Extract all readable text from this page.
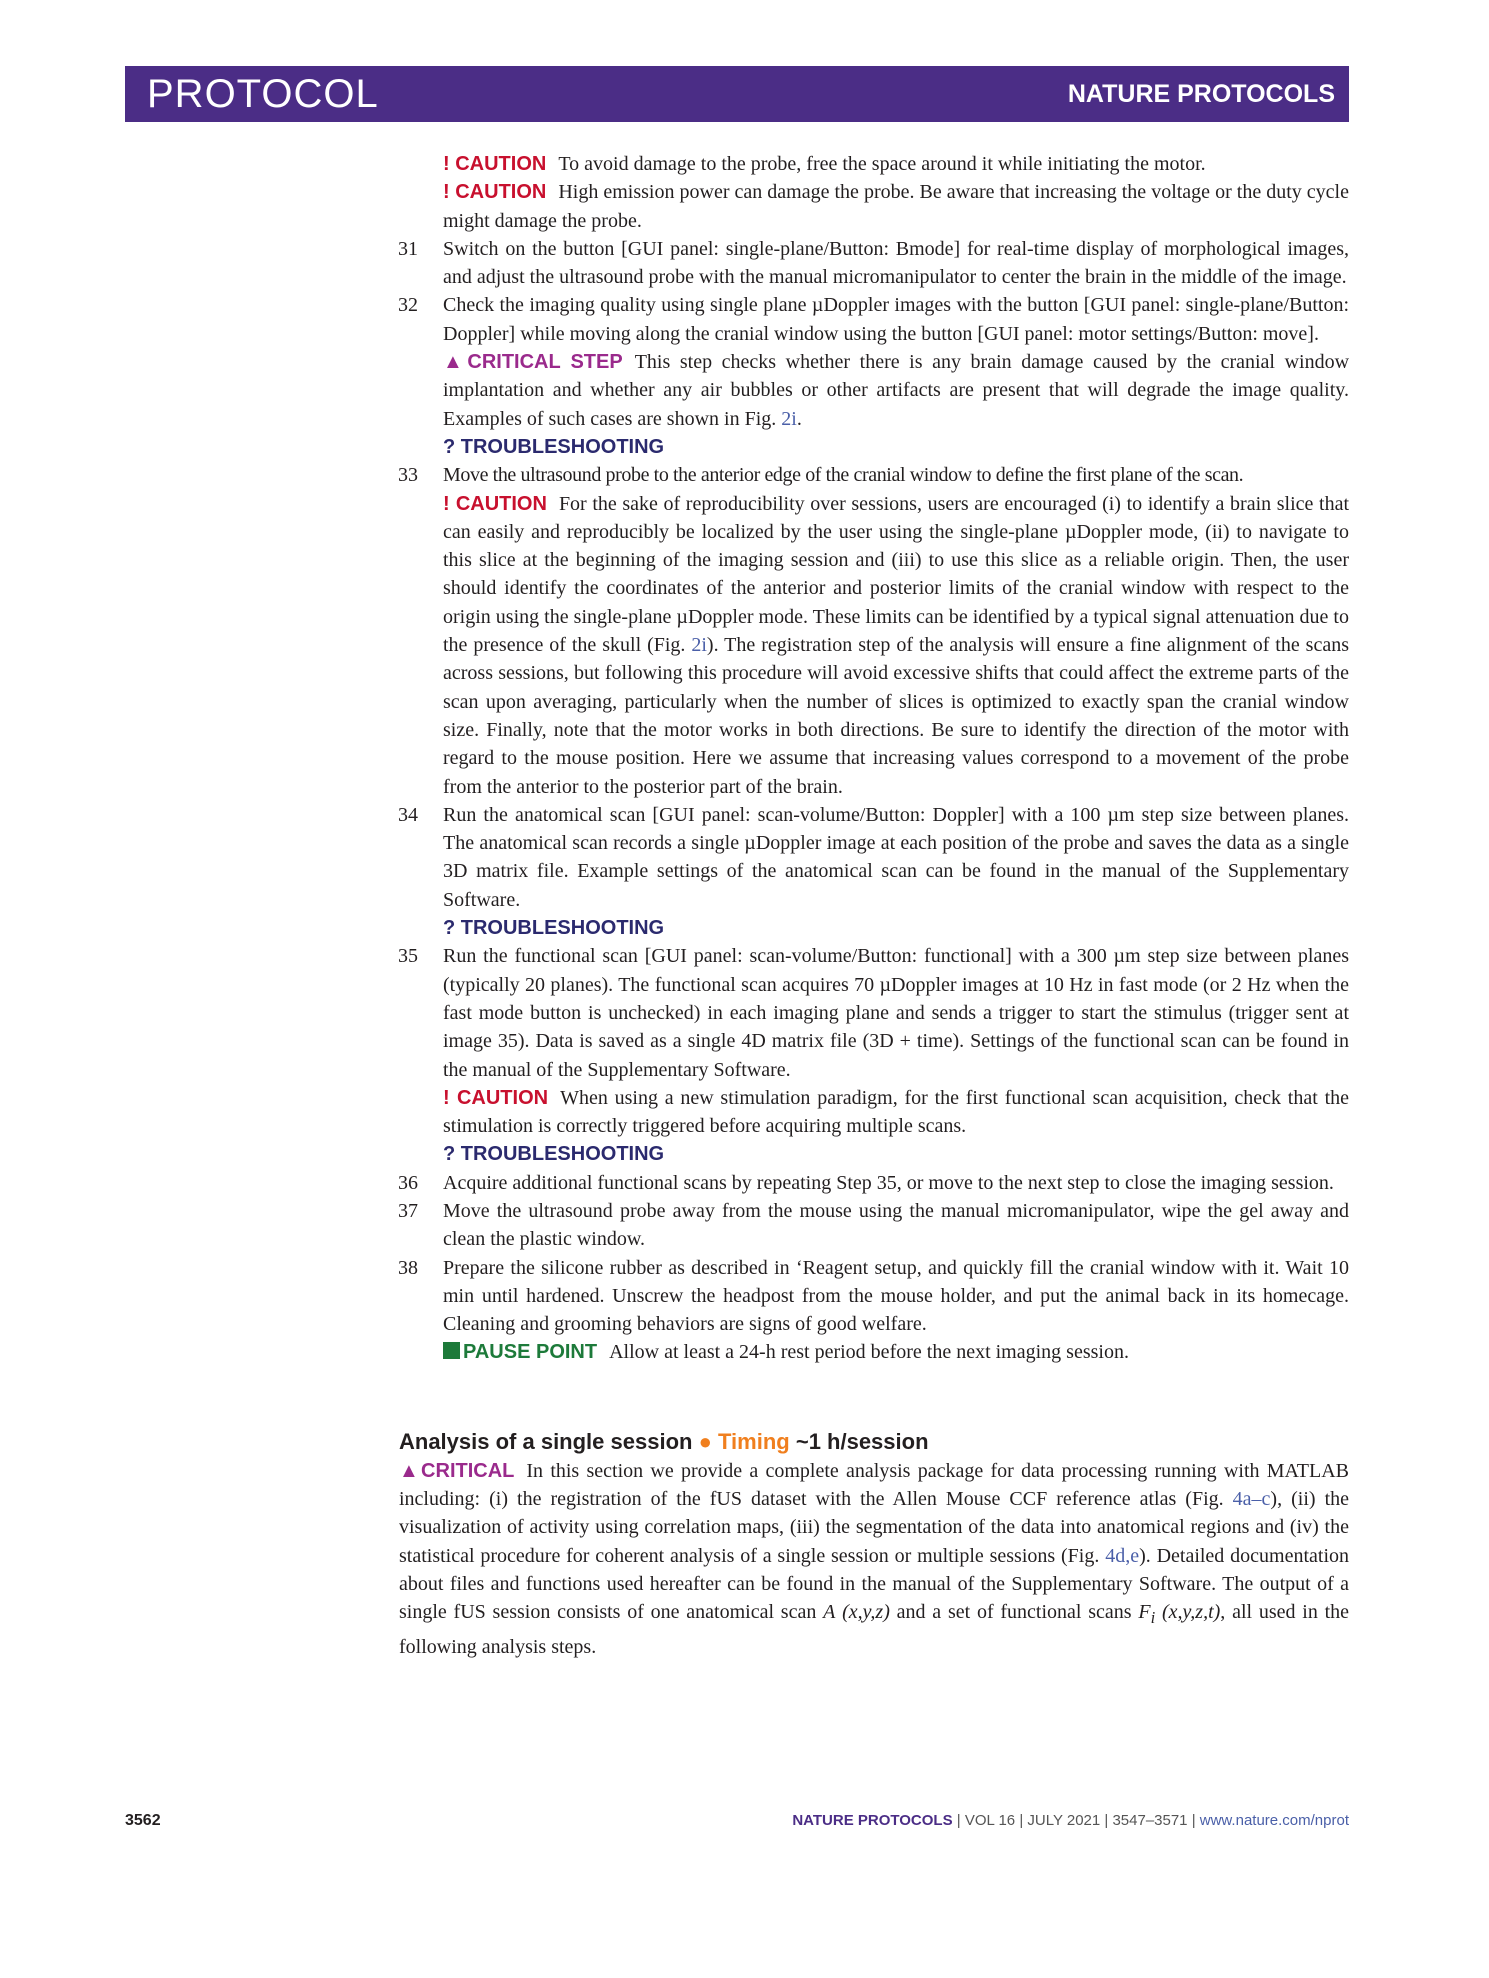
PROTOCOL	NATURE PROTOCOLS
! CAUTION To avoid damage to the probe, free the space around it while initiating the motor.
! CAUTION High emission power can damage the probe. Be aware that increasing the voltage or the duty cycle might damage the probe.
31	Switch on the button [GUI panel: single-plane/Button: Bmode] for real-time display of morphological images, and adjust the ultrasound probe with the manual micromanipulator to center the brain in the middle of the image.
32	Check the imaging quality using single plane µDoppler images with the button [GUI panel: single-plane/Button: Doppler] while moving along the cranial window using the button [GUI panel: motor settings/Button: move].
▲CRITICAL STEP This step checks whether there is any brain damage caused by the cranial window implantation and whether any air bubbles or other artifacts are present that will degrade the image quality. Examples of such cases are shown in Fig. 2i.
? TROUBLESHOOTING
33	Move the ultrasound probe to the anterior edge of the cranial window to define the first plane of the scan.
! CAUTION For the sake of reproducibility over sessions, users are encouraged (i) to identify a brain slice that can easily and reproducibly be localized by the user using the single-plane µDoppler mode, (ii) to navigate to this slice at the beginning of the imaging session and (iii) to use this slice as a reliable origin. Then, the user should identify the coordinates of the anterior and posterior limits of the cranial window with respect to the origin using the single-plane µDoppler mode. These limits can be identified by a typical signal attenuation due to the presence of the skull (Fig. 2i). The registration step of the analysis will ensure a fine alignment of the scans across sessions, but following this procedure will avoid excessive shifts that could affect the extreme parts of the scan upon averaging, particularly when the number of slices is optimized to exactly span the cranial window size. Finally, note that the motor works in both directions. Be sure to identify the direction of the motor with regard to the mouse position. Here we assume that increasing values correspond to a movement of the probe from the anterior to the posterior part of the brain.
34	Run the anatomical scan [GUI panel: scan-volume/Button: Doppler] with a 100 µm step size between planes. The anatomical scan records a single µDoppler image at each position of the probe and saves the data as a single 3D matrix file. Example settings of the anatomical scan can be found in the manual of the Supplementary Software.
? TROUBLESHOOTING
35	Run the functional scan [GUI panel: scan-volume/Button: functional] with a 300 µm step size between planes (typically 20 planes). The functional scan acquires 70 µDoppler images at 10 Hz in fast mode (or 2 Hz when the fast mode button is unchecked) in each imaging plane and sends a trigger to start the stimulus (trigger sent at image 35). Data is saved as a single 4D matrix file (3D + time). Settings of the functional scan can be found in the manual of the Supplementary Software.
! CAUTION When using a new stimulation paradigm, for the first functional scan acquisition, check that the stimulation is correctly triggered before acquiring multiple scans.
? TROUBLESHOOTING
36	Acquire additional functional scans by repeating Step 35, or move to the next step to close the imaging session.
37	Move the ultrasound probe away from the mouse using the manual micromanipulator, wipe the gel away and clean the plastic window.
38	Prepare the silicone rubber as described in ‘Reagent setup, and quickly fill the cranial window with it. Wait 10 min until hardened. Unscrew the headpost from the mouse holder, and put the animal back in its homecage. Cleaning and grooming behaviors are signs of good welfare.
PAUSE POINT Allow at least a 24-h rest period before the next imaging session.
Analysis of a single session ● Timing ~1 h/session
▲CRITICAL In this section we provide a complete analysis package for data processing running with MATLAB including: (i) the registration of the fUS dataset with the Allen Mouse CCF reference atlas (Fig. 4a–c), (ii) the visualization of activity using correlation maps, (iii) the segmentation of the data into anatomical regions and (iv) the statistical procedure for coherent analysis of a single session or multiple sessions (Fig. 4d,e). Detailed documentation about files and functions used hereafter can be found in the manual of the Supplementary Software. The output of a single fUS session consists of one anatomical scan A (x,y,z) and a set of functional scans $F_i$ (x,y,z,t), all used in the following analysis steps.
3562	NATURE PROTOCOLS | VOL 16 | JULY 2021 | 3547–3571 | www.nature.com/nprot
